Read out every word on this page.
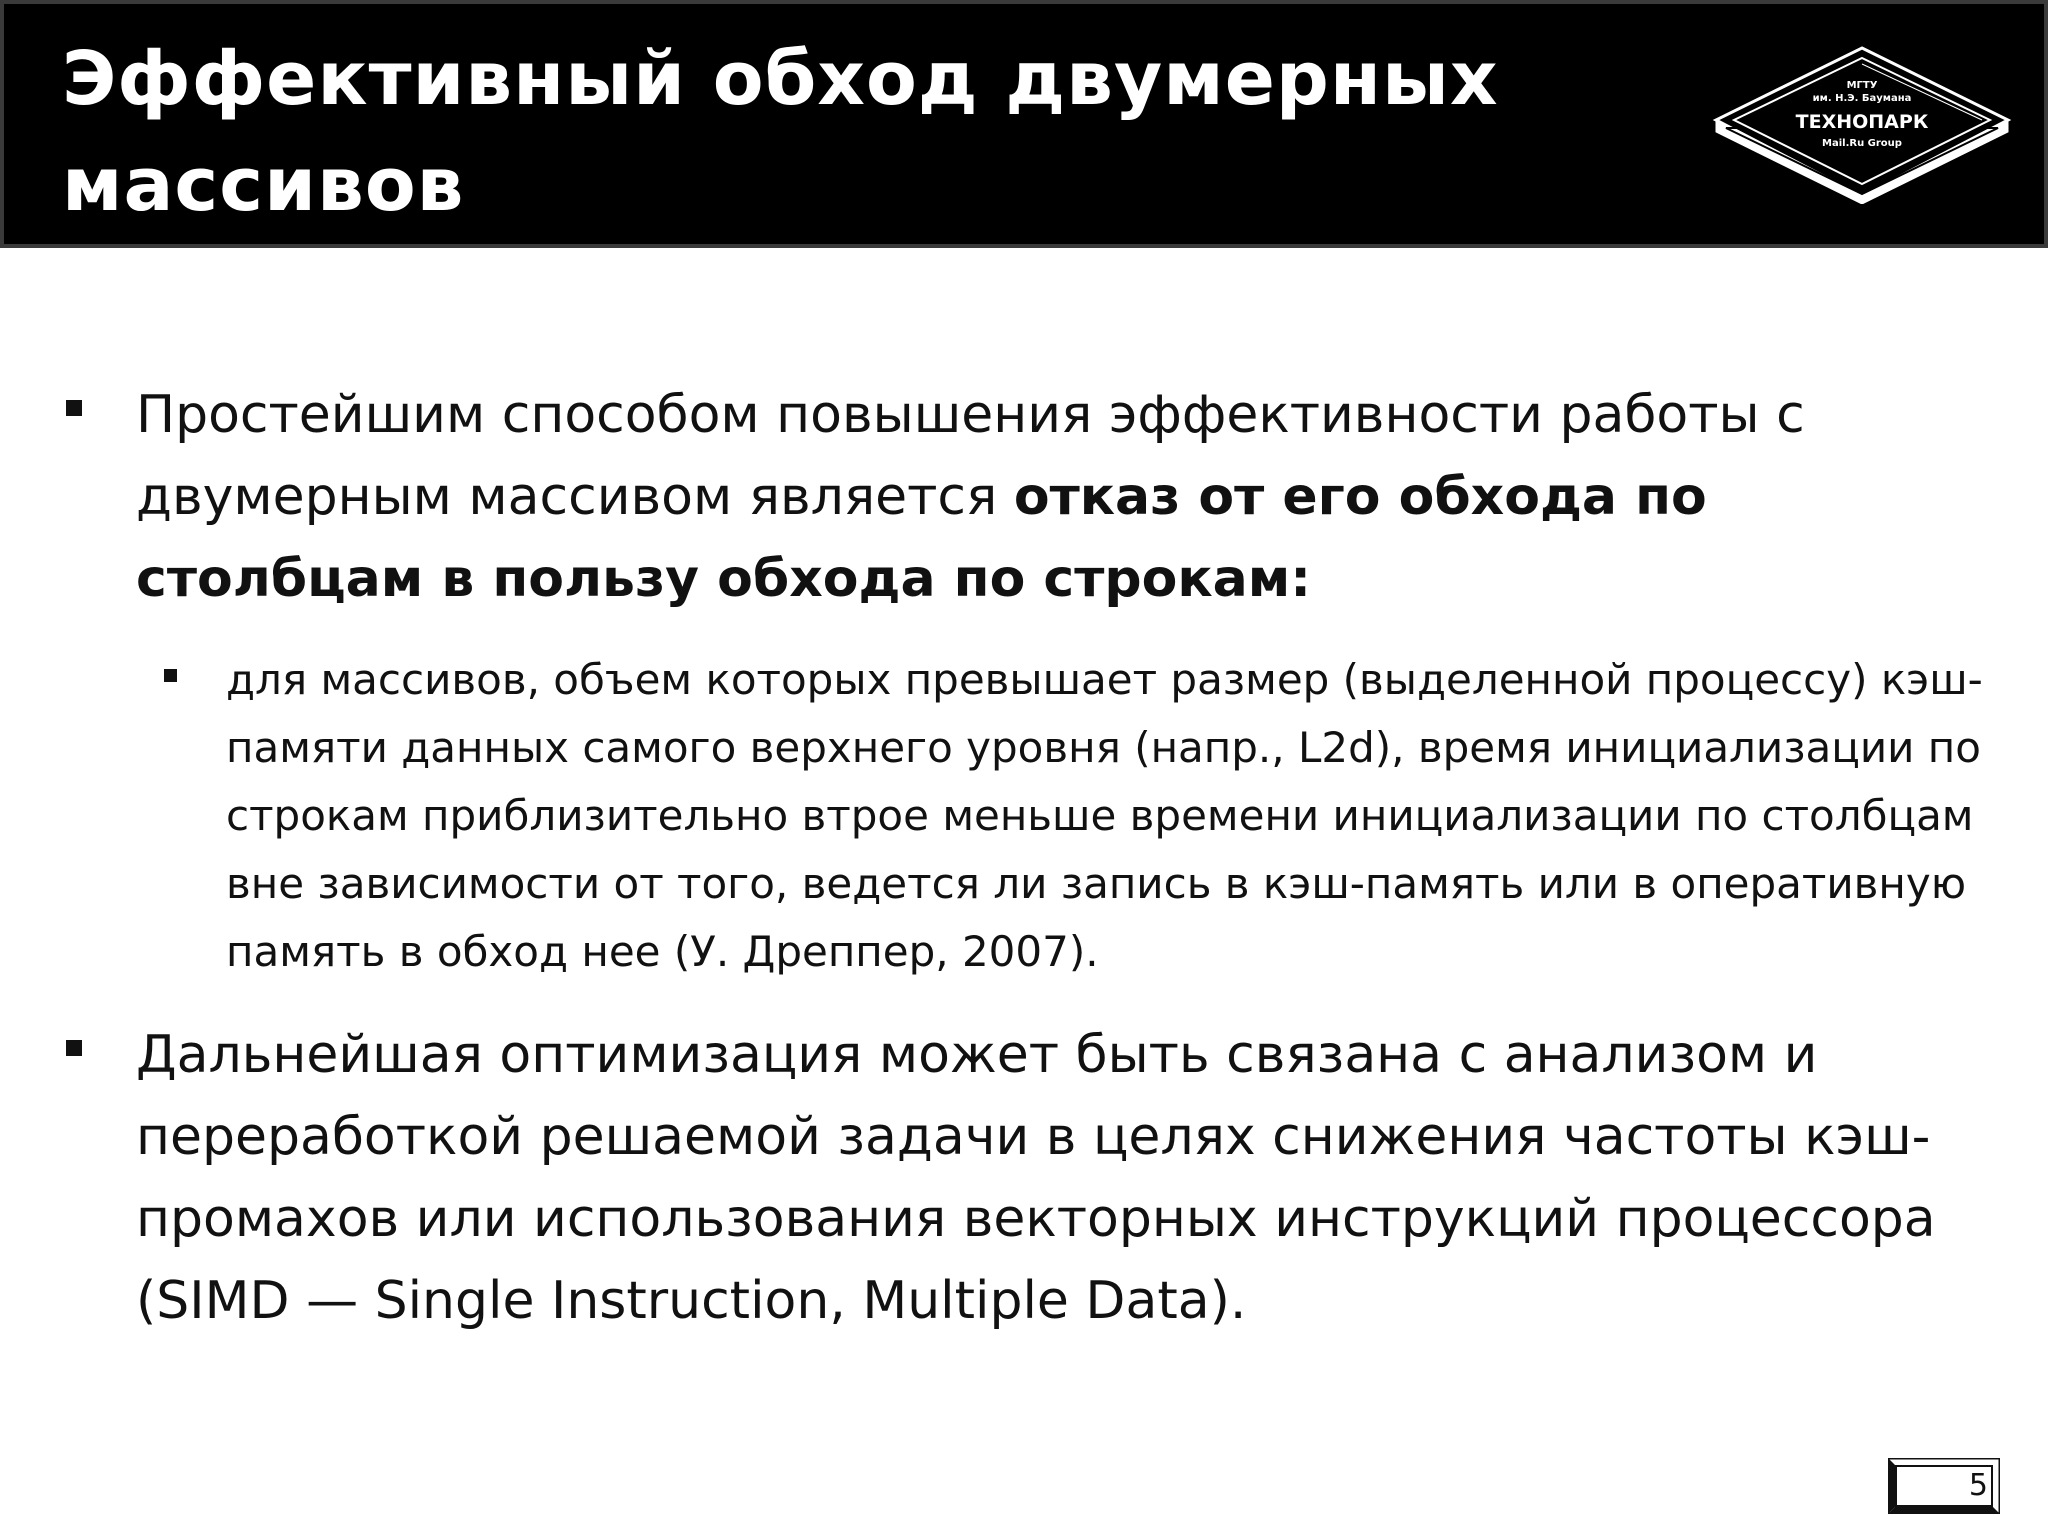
Эффективный обход двумерных массивов
МГТУ
им. Н.Э. Баумана
ТЕХНОПАРК
Mail.Ru Group

Простейшим способом повышения эффективности работы с двумерным массивом является отказ от его обхода по столбцам в пользу обхода по строкам:

для массивов, объем которых превышает размер (выделенной процессу) кэш-памяти данных самого верхнего уровня (напр., L2d), время инициализации по строкам приблизительно втрое меньше времени инициализации по столбцам вне зависимости от того, ведется ли запись в кэш-память или в оперативную память в обход нее (У. Дреппер, 2007).

Дальнейшая оптимизация может быть связана с анализом и переработкой решаемой задачи в целях снижения частоты кэш-промахов или использования векторных инструкций процессора (SIMD — Single Instruction, Multiple Data).

5
